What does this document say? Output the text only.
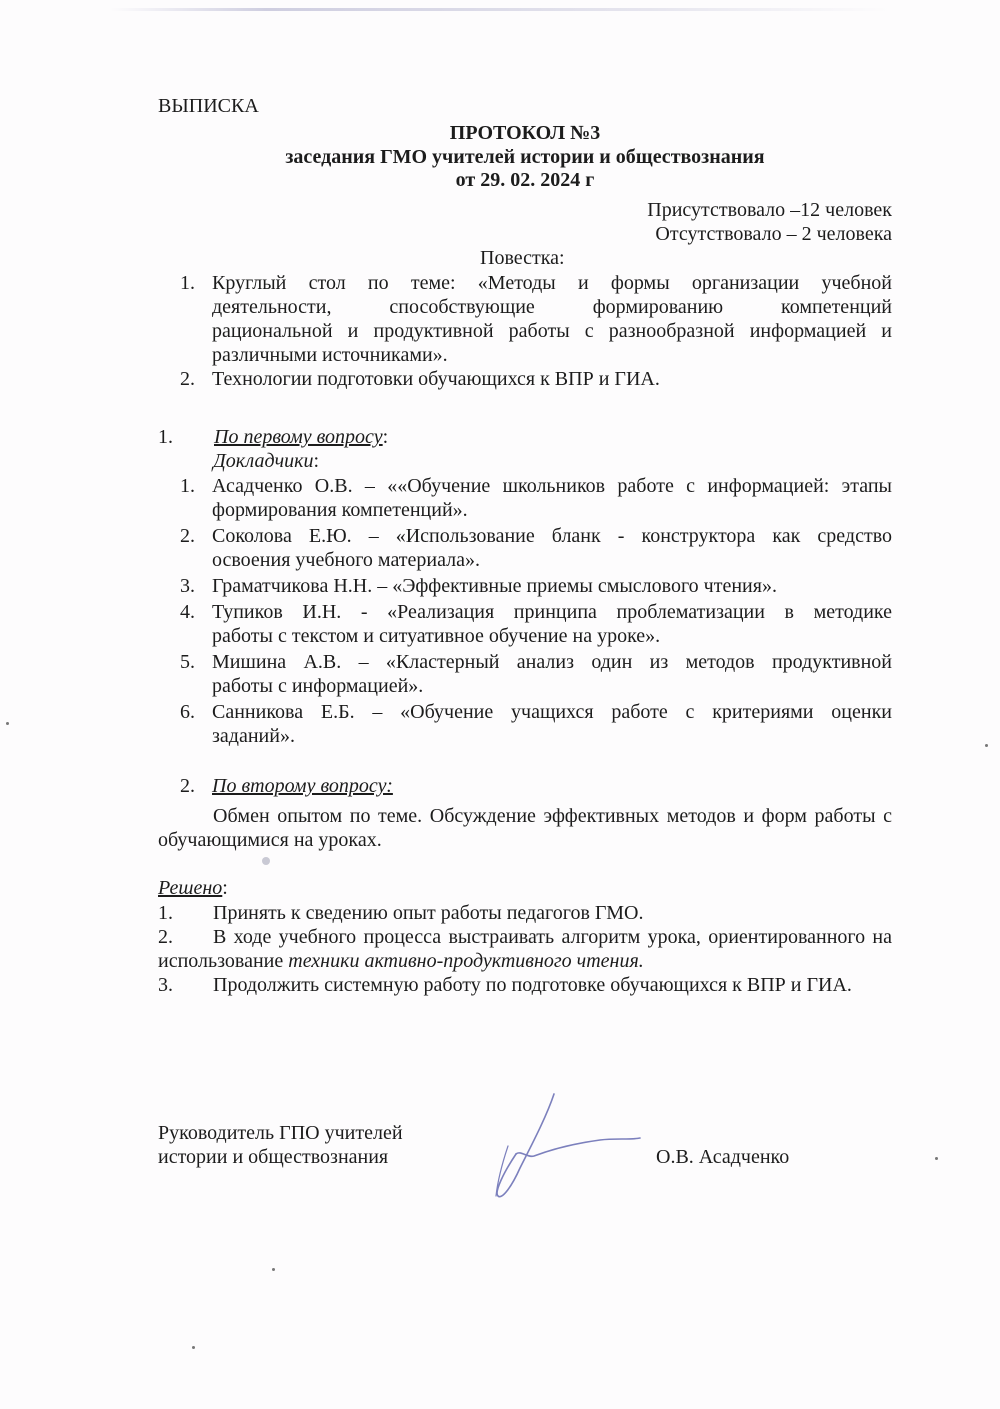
ВЫПИСКА
ПРОТОКОЛ №3
заседания ГМО учителей истории и обществознания
от 29. 02. 2024 г
Присутствовало –12 человек
Отсутствовало – 2 человека
Повестка:
1. Круглый стол по теме: «Методы и формы организации учебной
деятельности, способствующие формированию компетенций
рациональной и продуктивной работы с разнообразной информацией и
различными источниками».
2. Технологии подготовки обучающихся к ВПР и ГИА.
1. По первому вопросу:
Докладчики:
1. Асадченко О.В. – ««Обучение школьников работе с информацией: этапы
формирования компетенций».
2. Соколова Е.Ю. – «Использование бланк - конструктора как средство
освоения учебного материала».
3. Граматчикова Н.Н. – «Эффективные приемы смыслового чтения».
4. Тупиков И.Н. - «Реализация принципа проблематизации в методике
работы с текстом и ситуативное обучение на уроке».
5. Мишина А.В. – «Кластерный анализ один из методов продуктивной
работы с информацией».
6. Санникова Е.Б. – «Обучение учащихся работе с критериями оценки
заданий».
2. По второму вопросу:
Обмен опытом по теме. Обсуждение эффективных методов и форм работы с обучающимися на уроках.
Решено:
1.	Принять к сведению опыт работы педагогов ГМО.
2. В ходе учебного процесса выстраивать алгоритм урока, ориентированного на использование техники активно-продуктивного чтения.
3. Продолжить системную работу по подготовке обучающихся к ВПР и ГИА.
Руководитель ГПО учителей
истории и обществознания	О.В. Асадченко
